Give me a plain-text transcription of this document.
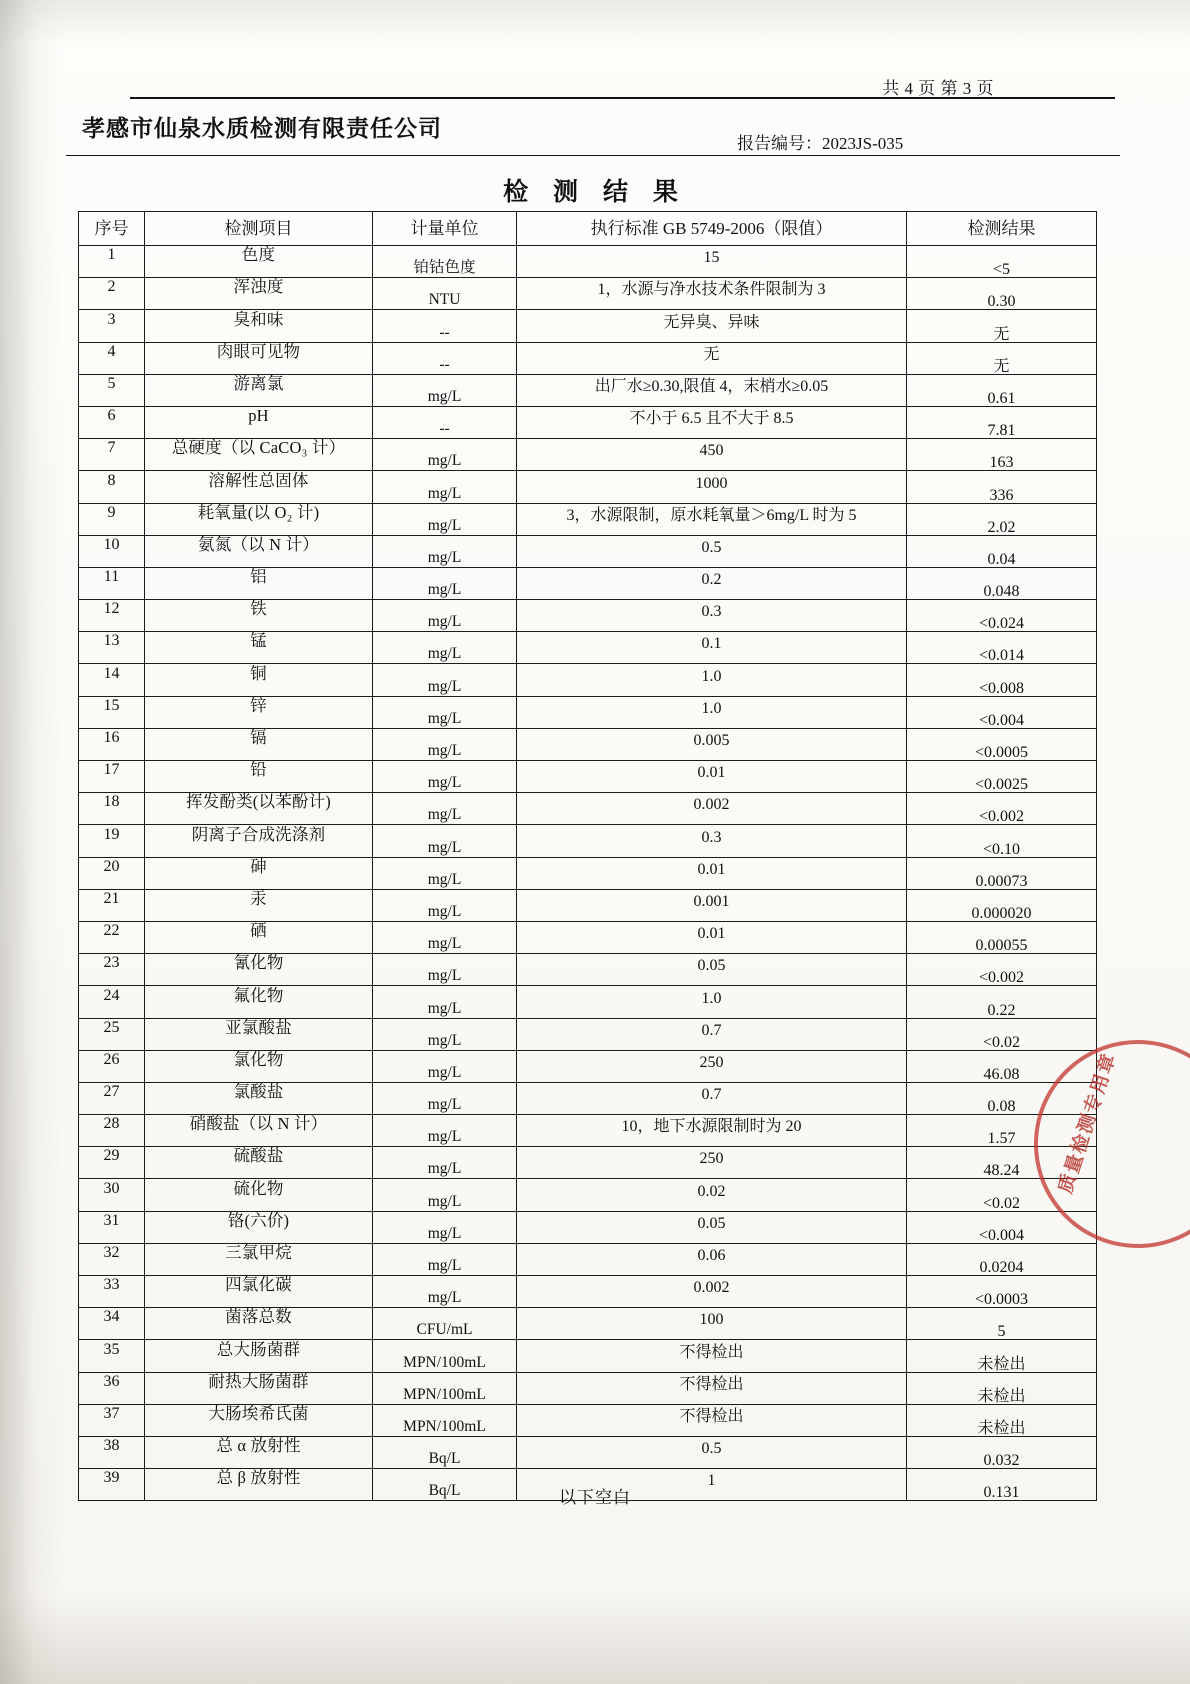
共 4 页 第 3 页
孝感市仙泉水质检测有限责任公司
报告编号：2023JS-035
检 测 结 果
序号	检测项目	计量单位	执行标准 GB 5749-2006（限值）	检测结果
1	色度	铂钴色度	15	<5
2	浑浊度	NTU	1，水源与净水技术条件限制为 3	0.30
3	臭和味	--	无异臭、异味	无
4	肉眼可见物	--	无	无
5	游离氯	mg/L	出厂水≥0.30,限值 4，末梢水≥0.05	0.61
6	pH	--	不小于 6.5 且不大于 8.5	7.81
7	总硬度（以 CaCO₃ 计）	mg/L	450	163
8	溶解性总固体	mg/L	1000	336
9	耗氧量(以 O₂ 计)	mg/L	3，水源限制，原水耗氧量＞6mg/L 时为 5	2.02
10	氨氮（以 N 计）	mg/L	0.5	0.04
11	铝	mg/L	0.2	0.048
12	铁	mg/L	0.3	<0.024
13	锰	mg/L	0.1	<0.014
14	铜	mg/L	1.0	<0.008
15	锌	mg/L	1.0	<0.004
16	镉	mg/L	0.005	<0.0005
17	铅	mg/L	0.01	<0.0025
18	挥发酚类(以苯酚计)	mg/L	0.002	<0.002
19	阴离子合成洗涤剂	mg/L	0.3	<0.10
20	砷	mg/L	0.01	0.00073
21	汞	mg/L	0.001	0.000020
22	硒	mg/L	0.01	0.00055
23	氰化物	mg/L	0.05	<0.002
24	氟化物	mg/L	1.0	0.22
25	亚氯酸盐	mg/L	0.7	<0.02
26	氯化物	mg/L	250	46.08
27	氯酸盐	mg/L	0.7	0.08
28	硝酸盐（以 N 计）	mg/L	10，地下水源限制时为 20	1.57
29	硫酸盐	mg/L	250	48.24
30	硫化物	mg/L	0.02	<0.02
31	铬(六价)	mg/L	0.05	<0.004
32	三氯甲烷	mg/L	0.06	0.0204
33	四氯化碳	mg/L	0.002	<0.0003
34	菌落总数	CFU/mL	100	5
35	总大肠菌群	MPN/100mL	不得检出	未检出
36	耐热大肠菌群	MPN/100mL	不得检出	未检出
37	大肠埃希氏菌	MPN/100mL	不得检出	未检出
38	总 α 放射性	Bq/L	0.5	0.032
39	总 β 放射性	Bq/L	1	0.131
以下空白
质量检测专用章
